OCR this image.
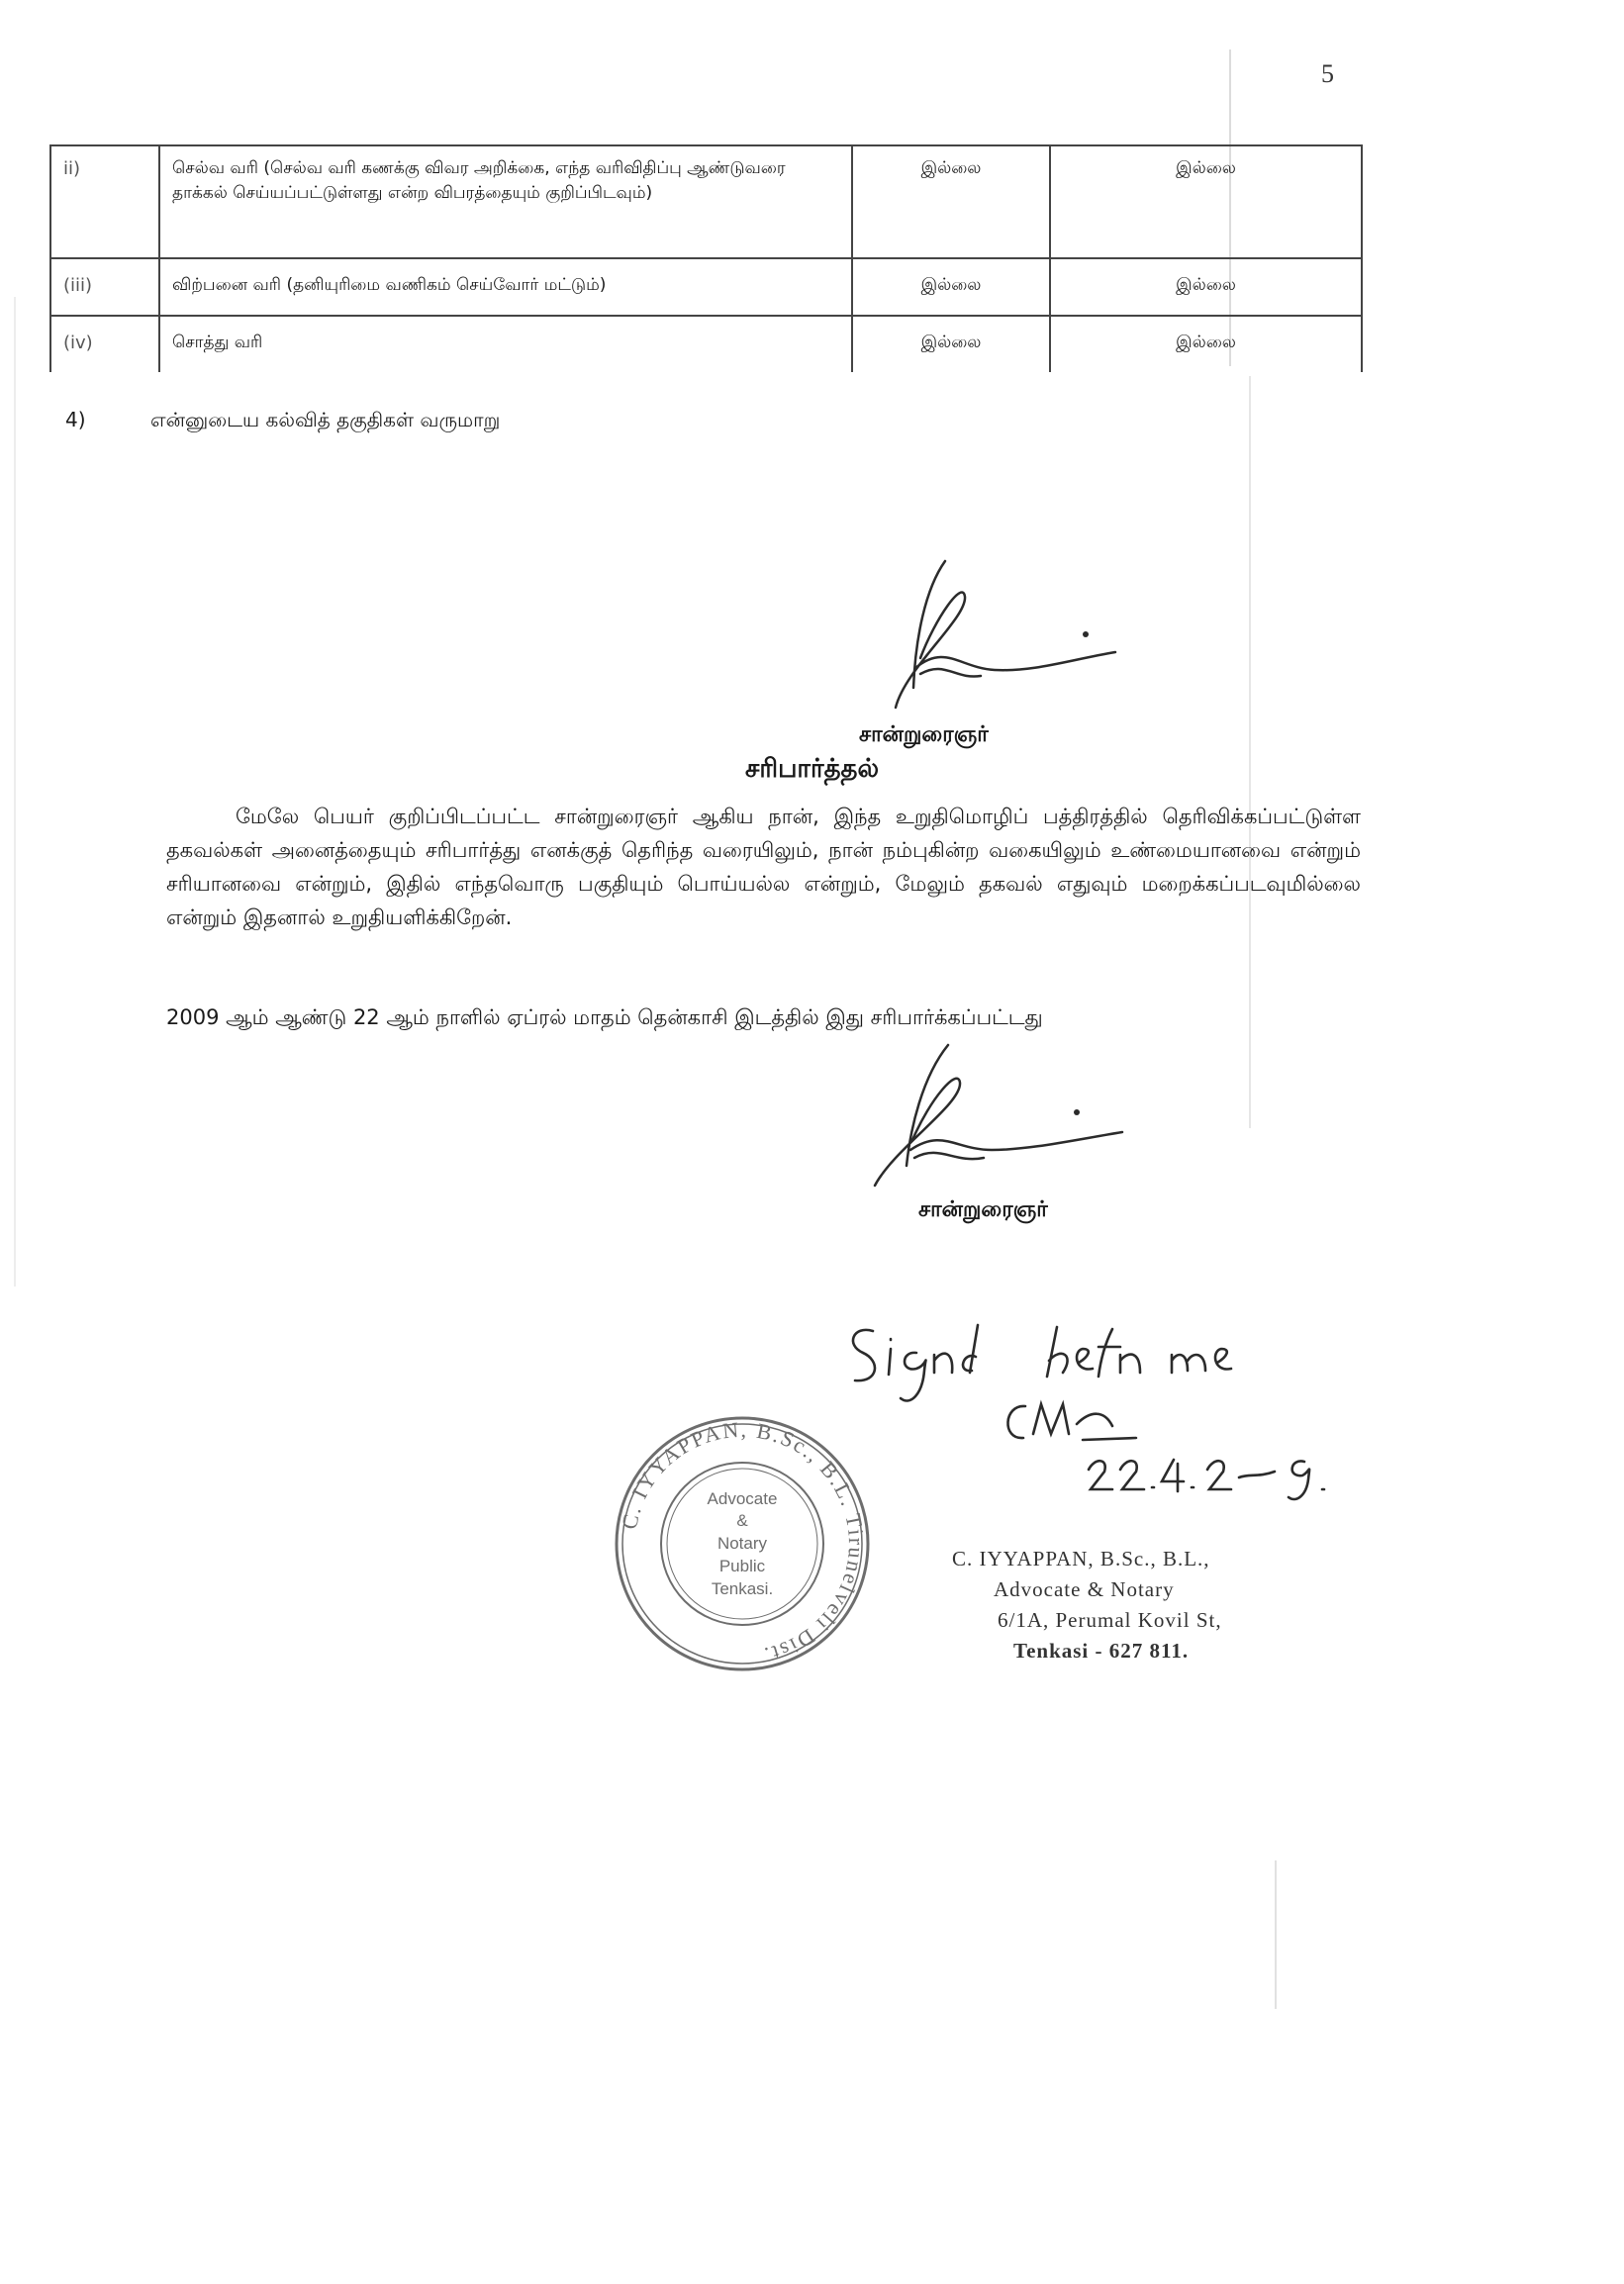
5
ii)	செல்வ வரி (செல்வ வரி கணக்கு விவர அறிக்கை, எந்த வரிவிதிப்பு ஆண்டுவரை தாக்கல் செய்யப்பட்டுள்ளது என்ற விபரத்தையும் குறிப்பிடவும்)	இல்லை	இல்லை
(iii)	விற்பனை வரி (தனியுரிமை வணிகம் செய்வோர் மட்டும்)	இல்லை	இல்லை
(iv)	சொத்து வரி	இல்லை	இல்லை
4)	என்னுடைய கல்வித் தகுதிகள் வருமாறு
சான்றுரைஞர்
சரிபார்த்தல்
மேலே பெயர் குறிப்பிடப்பட்ட சான்றுரைஞர் ஆகிய நான், இந்த உறுதிமொழிப் பத்திரத்தில் தெரிவிக்கப்பட்டுள்ள தகவல்கள் அனைத்தையும் சரிபார்த்து எனக்குத் தெரிந்த வரையிலும், நான் நம்புகின்ற வகையிலும் உண்மையானவை என்றும் சரியானவை என்றும், இதில் எந்தவொரு பகுதியும் பொய்யல்ல என்றும், மேலும் தகவல் எதுவும் மறைக்கப்படவுமில்லை என்றும் இதனால் உறுதியளிக்கிறேன்.
2009 ஆம் ஆண்டு 22 ஆம் நாளில் ஏப்ரல் மாதம் தென்காசி இடத்தில் இது சரிபார்க்கப்பட்டது
சான்றுரைஞர்
C. IYYAPPAN, B.Sc., B.L. Tirunelveli Dist.
Advocate
&
Notary
Public
Tenkasi.
C. IYYAPPAN, B.Sc., B.L.,
Advocate & Notary
6/1A, Perumal Kovil St,
Tenkasi - 627 811.
